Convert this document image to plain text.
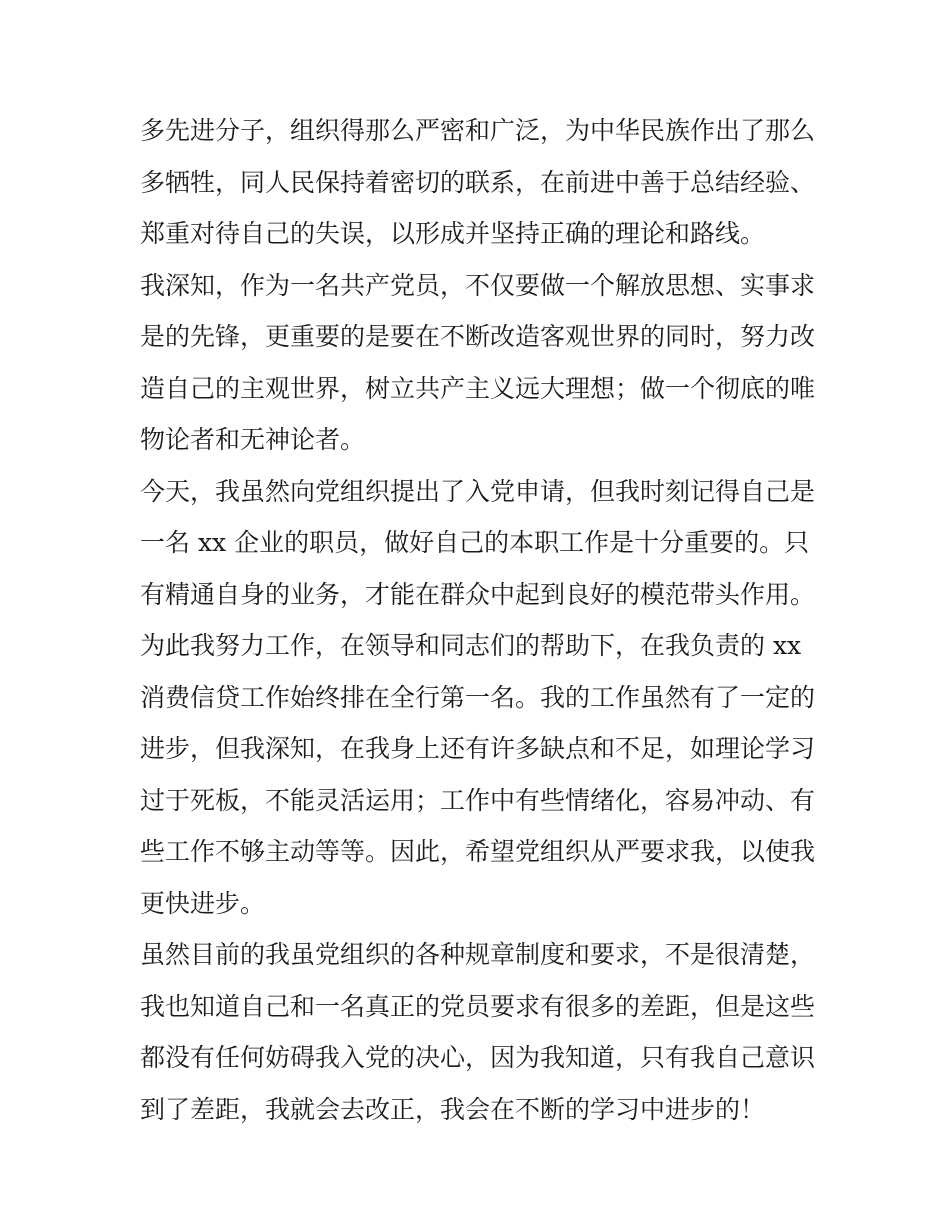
多先进分子，组织得那么严密和广泛，为中华民族作出了那么
多牺牲，同人民保持着密切的联系，在前进中善于总结经验、
郑重对待自己的失误，以形成并坚持正确的理论和路线。
我深知，作为一名共产党员，不仅要做一个解放思想、实事求
是的先锋，更重要的是要在不断改造客观世界的同时，努力改
造自己的主观世界，树立共产主义远大理想；做一个彻底的唯
物论者和无神论者。
今天，我虽然向党组织提出了入党申请，但我时刻记得自己是
一名 xx 企业的职员，做好自己的本职工作是十分重要的。只
有精通自身的业务，才能在群众中起到良好的模范带头作用。
为此我努力工作，在领导和同志们的帮助下，在我负责的 xx
消费信贷工作始终排在全行第一名。我的工作虽然有了一定的
进步，但我深知，在我身上还有许多缺点和不足，如理论学习
过于死板，不能灵活运用；工作中有些情绪化，容易冲动、有
些工作不够主动等等。因此，希望党组织从严要求我，以使我
更快进步。
虽然目前的我虽党组织的各种规章制度和要求，不是很清楚，
我也知道自己和一名真正的党员要求有很多的差距，但是这些
都没有任何妨碍我入党的决心，因为我知道，只有我自己意识
到了差距，我就会去改正，我会在不断的学习中进步的！
